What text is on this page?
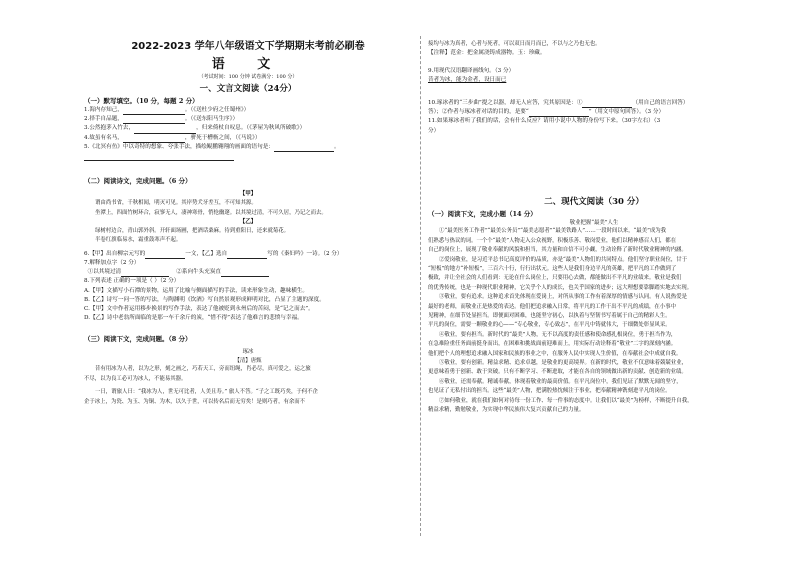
2022-2023 学年八年级语文下学期期末考前必刷卷
语 文
（考试时间：100 分钟 试卷满分：100 分）
一、文言文阅读（24分）
（一）默写填空。（10 分，每题 2 分）
1.海内存知己，	。（《送杜少府之任蜀州》）
2.择手自品题，	。（《送东阳马生序》）
3.公然抱茅入竹去，	，归来倚杖自叹息。（《茅屋为秋风所破歌》）
4.故虽有名马，	，骈死于槽枥之间，（《马说》）
5.《北冥有鱼》中以奇特的想象、夸张手法，描绘鲲鹏翱翔的画面的语句是：	。
（二）阅读诗文，完成问题。（6 分）
【甲】
谓由尚书省，千秋相闻，明灭可见。其岸势犬牙差互，不可知其源。
坐潭上，四面竹树环合，寂寥无人，凄神寒骨，悄怆幽邃。以其境过清，不可久居，乃记之而去。
【乙】
绿树村边合，青山郭外斜。开轩面场圃，把酒话桑麻。待到重阳日，还来就菊花。
半卷红旗临易水，霜重鼓寒声不起。
6.【甲】出自柳宗元写的	一文，【乙】选自	写的《秦妇吟》一诗。（2 分）
7.解释加点字（2 分）
①以其境过清	②系向牛头充炭直
8.下列表述 正确的一项是（ ）（2 分）
A.【甲】文描写小石潭的景物，运用了比喻与侧面描写的手法，读来形象生动，趣味横生。
B.【乙】诗写一问一答的写法，与陶渊明《饮酒》写自然景观形成鲜明对比，凸显了主题的深度。
C.【甲】文中作者运用移步换景的写作手法，表达了他被贬到永州后的苦闷，是“记之而去”。
D.【乙】诗中老翁所面临的是那一车千余斤的炭，“惜不得”表达了他难言的悲愤与幸福。
（三）阅读下文，完成问题。（8 分）
琢冰
【清】唐甄
昔有用冰为人者，以为之形，刻之画之，巧若天工，旁而纽绳，肖必尽，真可爱之，运之旅
不尽，以为良工必可为冰人，不能易其器。
一日，谓旅人曰：“我冰为人，世无可比者，人美且寿。” 旅人不答。“子之工既巧矣，于何不企
企于冰上，为瓷、为玉、为铜、为木，以久于世，可以传名后而无穷矣！是则巧者，有余而不
接均与冰为真者，心者与死者，可以双日而月而已，不以与之乃也无也。
【注释】范金：把金属浇铸成器物。玉：珍藏。
9.用现代汉语翻译画线句。（3 分）
昔者为冰，能为金者，设日而已
10.琢冰者的“三步曲”提之以器，却无人应答，究其原因是：①	（用自己的语言回答）
答）；②作者与琢冰者对话的目的，是要“	”（用文中原句回答）。（3 分）
11.如果琢冰者听了我们的话，会有什么反应？请用小说中人物的身份写下来。（30字左右）（3
分）
二、现代文阅读（30 分）
（一）阅读下文，完成小题（14 分）
敬业把握“最美”人生
①“最美医务工作者”“最美公务员”“最美志愿者”“最美铁路人”……一段时间以来，“最美”成为我
们熟悉与热议的词。一个个“最美”人物走入公众视野，积极乐善、敬岗爱业，他们以精神感召人们，都在
自己的岗位上，展现了敬业奉献的风貌和担当，其力量和自信不可小觑，生动诠释了新时代敬业精神的内涵。
②爱岗敬业，是习近平总书记高度评价的品质，亦是“最美”人物们的共同特点。他们坚守职业岗位，甘于
“短板”的地方“补短板”，三百六十行，行行出状元。这些人是我们身边平凡的英雄，把平凡的工作做到了
极致，并让全社会的人们看到：无论在什么岗位上，只要用心去做，都能做出不平凡的业绩来。敬业是我们
的优秀传统，也是一种现代职业精神，它关乎个人的成长，也关乎国家的进步；远大理想要靠脚踏实地去实现。
③敬业，要有追求。这种追求首先体现在爱岗上，对所从事的工作有着深厚的情感与认同。有人说热爱是
最好的老师，而敬业正是热爱的表达。他们把追求融入日常，将平凡的工作干出不平凡的成绩，在小事中
见精神，在细节处显担当。即便面对困难，也能坚守初心，以执着与坚韧书写着属于自己的精彩人生。
平凡的岗位，需要一颗敬业的心——“专心敬业，专心致志”，在平凡中铸就伟大，于细微处彰显风采。
④敬业，要有担当。新时代的“最美”人物，无不以高度的责任感和使命感扎根岗位，勇于担当作为，
在急难险重任务面前挺身而出，在困难和挑战面前迎难而上，用实际行动诠释着“敬业”二字的深刻内涵。
他们把个人的理想追求融入国家和民族的事业之中，在服务人民中实现人生价值，在奉献社会中成就自我。
⑤敬业，要有创新。精益求精、追求卓越，是敬业的更高境界。在新的时代，敬业不仅意味着兢兢业业，
更意味着勇于创新、敢于突破。只有不断学习、不断进取，才能在各自的领域做出新的贡献、创造新的业绩。
⑥敬业，还需奉献。精诚奉献，体现着敬业的最高价值。在平凡岗位中，我们见证了默默无闻的坚守，
也见证了无私付出的担当。这些“最美”人物，把满腔热忱倾注于事业，把奉献精神镌刻进平凡的岗位。
⑦如何敬业，就在我们如何对待每一份工作、每一件事的态度中。让我们以“最美”为榜样，不断提升自我，
精益求精，勤勉敬业，为实现中华民族伟大复兴贡献自己的力量。
